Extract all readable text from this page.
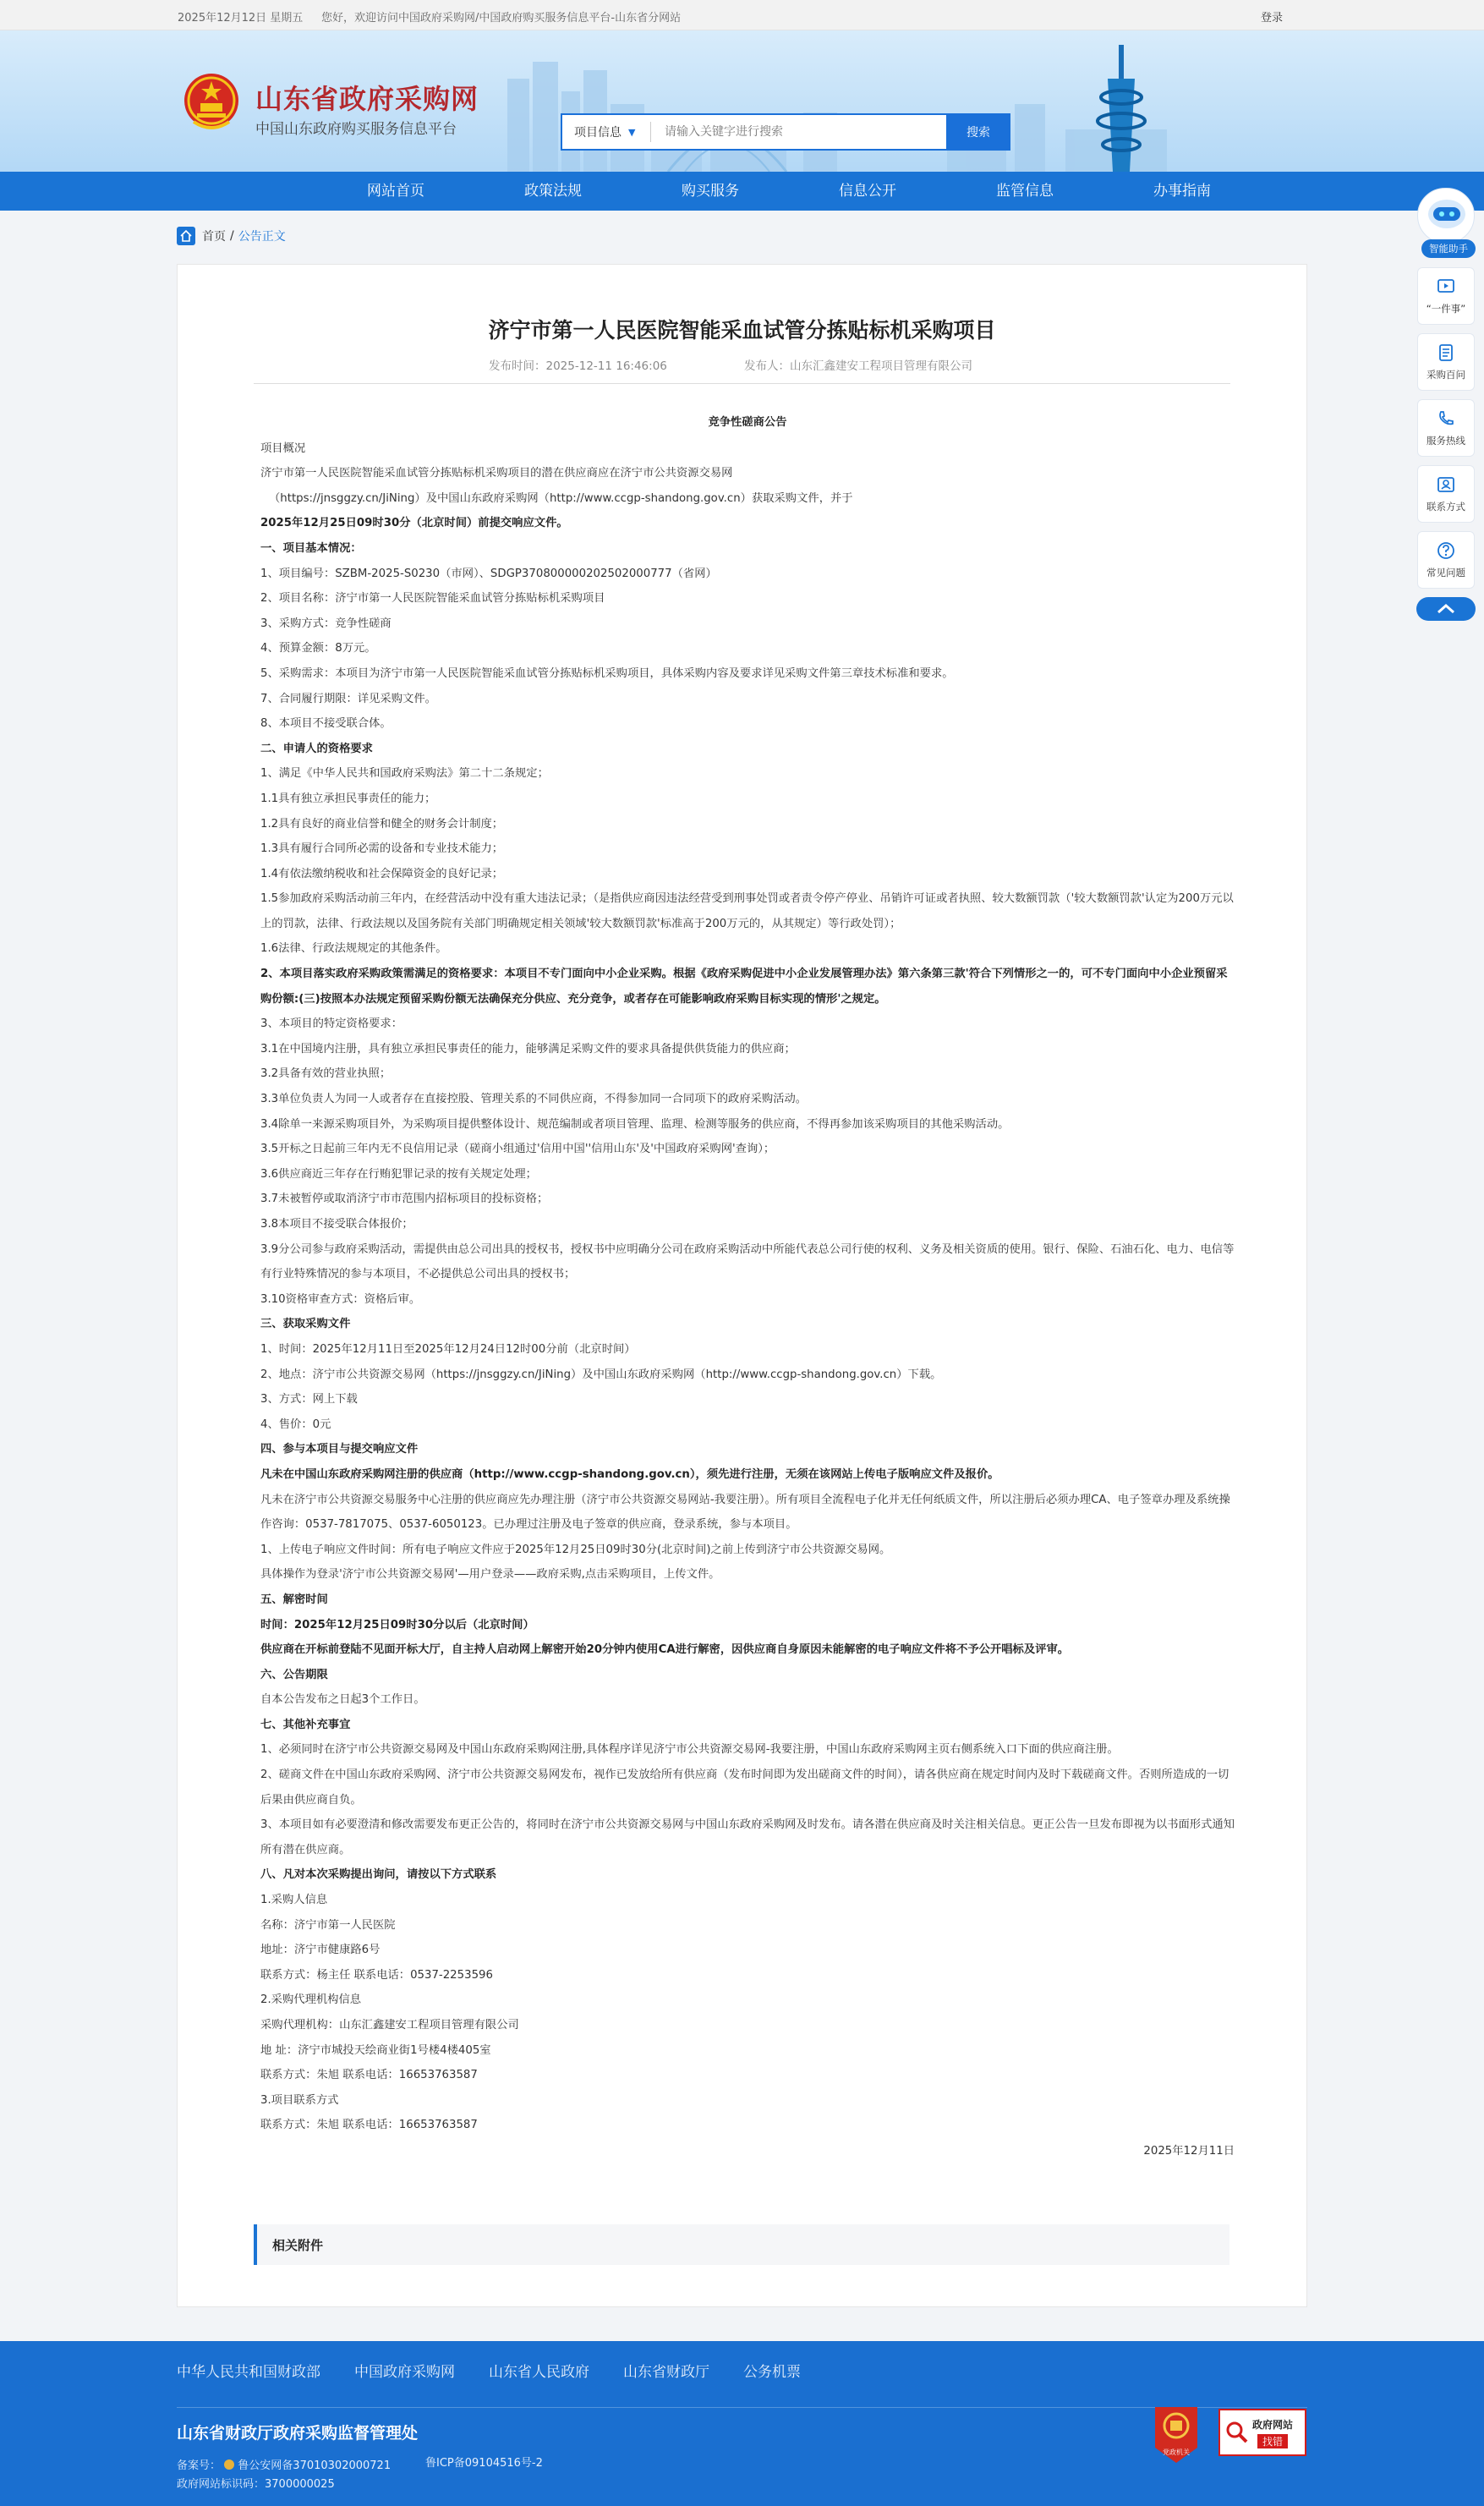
2025年12月12日 星期五 您好，欢迎访问中国政府采购网/中国政府购买服务信息平台-山东省分网站	登录
山东省政府采购网
中国山东政府购买服务信息平台	项目信息 ▼
请输入关键字进行搜索	搜索
网站首页	政策法规	购买服务	信息公开	监管信息	办事指南
首页 / 公告正文
济宁市第一人民医院智能采血试管分拣贴标机采购项目
发布时间：2025-12-11 16:46:06	发布人：山东汇鑫建安工程项目管理有限公司

竞争性磋商公告

项目概况

济宁市第一人民医院智能采血试管分拣贴标机采购项目的潜在供应商应在济宁市公共资源交易网

（https://jnsggzy.cn/JiNing）及中国山东政府采购网（http://www.ccgp-shandong.gov.cn）获取采购文件，并于

2025年12月25日09时30分（北京时间）前提交响应文件。

一、项目基本情况：

1、项目编号：SZBM-2025-S0230（市网）、SDGP370800000202502000777（省网）

2、项目名称：济宁市第一人民医院智能采血试管分拣贴标机采购项目

3、采购方式：竞争性磋商

4、预算金额：8万元。

5、采购需求：本项目为济宁市第一人民医院智能采血试管分拣贴标机采购项目，具体采购内容及要求详见采购文件第三章技术标准和要求。

7、合同履行期限：详见采购文件。

8、本项目不接受联合体。

二、申请人的资格要求

1、满足《中华人民共和国政府采购法》第二十二条规定；

1.1具有独立承担民事责任的能力；

1.2具有良好的商业信誉和健全的财务会计制度；

1.3具有履行合同所必需的设备和专业技术能力；

1.4有依法缴纳税收和社会保障资金的良好记录；

1.5参加政府采购活动前三年内，在经营活动中没有重大违法记录；（是指供应商因违法经营受到刑事处罚或者责令停产停业、吊销许可证或者执照、较大数额罚款（'较大数额罚款'认定为200万元以上的罚款，法律、行政法规以及国务院有关部门明确规定相关领域'较大数额罚款'标准高于200万元的，从其规定）等行政处罚）；

1.6法律、行政法规规定的其他条件。

2、本项目落实政府采购政策需满足的资格要求：本项目不专门面向中小企业采购。根据《政府采购促进中小企业发展管理办法》第六条第三款'符合下列情形之一的，可不专门面向中小企业预留采购份额:(三)按照本办法规定预留采购份额无法确保充分供应、充分竞争，或者存在可能影响政府采购目标实现的情形'之规定。

3、本项目的特定资格要求：

3.1在中国境内注册，具有独立承担民事责任的能力，能够满足采购文件的要求具备提供供货能力的供应商；

3.2具备有效的营业执照；

3.3单位负责人为同一人或者存在直接控股、管理关系的不同供应商，不得参加同一合同项下的政府采购活动。

3.4除单一来源采购项目外，为采购项目提供整体设计、规范编制或者项目管理、监理、检测等服务的供应商，不得再参加该采购项目的其他采购活动。

3.5开标之日起前三年内无不良信用记录（磋商小组通过'信用中国''信用山东'及'中国政府采购网'查询）；

3.6供应商近三年存在行贿犯罪记录的按有关规定处理；

3.7未被暂停或取消济宁市市范围内招标项目的投标资格；

3.8本项目不接受联合体报价；

3.9分公司参与政府采购活动，需提供由总公司出具的授权书，授权书中应明确分公司在政府采购活动中所能代表总公司行使的权利、义务及相关资质的使用。银行、保险、石油石化、电力、电信等有行业特殊情况的参与本项目，不必提供总公司出具的授权书；

3.10资格审查方式：资格后审。

三、获取采购文件

1、时间：2025年12月11日至2025年12月24日12时00分前（北京时间）

2、地点：济宁市公共资源交易网（https://jnsggzy.cn/JiNing）及中国山东政府采购网（http://www.ccgp-shandong.gov.cn）下载。

3、方式：网上下载

4、售价：0元

四、参与本项目与提交响应文件

凡未在中国山东政府采购网注册的供应商（http://www.ccgp-shandong.gov.cn），须先进行注册，无须在该网站上传电子版响应文件及报价。

凡未在济宁市公共资源交易服务中心注册的供应商应先办理注册（济宁市公共资源交易网站-我要注册）。所有项目全流程电子化并无任何纸质文件，所以注册后必须办理CA、电子签章办理及系统操作咨询：0537-7817075、0537-6050123。已办理过注册及电子签章的供应商，登录系统，参与本项目。

1、上传电子响应文件时间：所有电子响应文件应于2025年12月25日09时30分(北京时间)之前上传到济宁市公共资源交易网。

具体操作为登录'济宁市公共资源交易网'—用户登录——政府采购,点击采购项目，上传文件。

五、解密时间

时间：2025年12月25日09时30分以后（北京时间）

供应商在开标前登陆不见面开标大厅，自主持人启动网上解密开始20分钟内使用CA进行解密，因供应商自身原因未能解密的电子响应文件将不予公开唱标及评审。

六、公告期限

自本公告发布之日起3个工作日。

七、其他补充事宜

1、必须同时在济宁市公共资源交易网及中国山东政府采购网注册,具体程序详见济宁市公共资源交易网-我要注册，中国山东政府采购网主页右侧系统入口下面的供应商注册。

2、磋商文件在中国山东政府采购网、济宁市公共资源交易网发布，视作已发放给所有供应商（发布时间即为发出磋商文件的时间），请各供应商在规定时间内及时下载磋商文件。否则所造成的一切后果由供应商自负。

3、本项目如有必要澄清和修改需要发布更正公告的，将同时在济宁市公共资源交易网与中国山东政府采购网及时发布。请各潜在供应商及时关注相关信息。更正公告一旦发布即视为以书面形式通知所有潜在供应商。

八、凡对本次采购提出询问，请按以下方式联系

1.采购人信息

名称：济宁市第一人民医院

地址：济宁市健康路6号

联系方式：杨主任 联系电话：0537-2253596

2.采购代理机构信息

采购代理机构：山东汇鑫建安工程项目管理有限公司

地 址：济宁市城投天绘商业街1号楼4楼405室

联系方式：朱旭 联系电话：16653763587

3.项目联系方式

联系方式：朱旭 联系电话：16653763587

2025年12月11日

相关附件
智能助手
“一件事”
采购百问
服务热线
联系方式
常见问题
中华人民共和国财政部 中国政府采购网 山东省人民政府 山东省财政厅 公务机票
山东省财政厅政府采购监督管理处
备案号： 鲁公安网备37010302000721	鲁ICP备09104516号-2
政府网站标识码：3700000025
党政机关
政府网站
找错
